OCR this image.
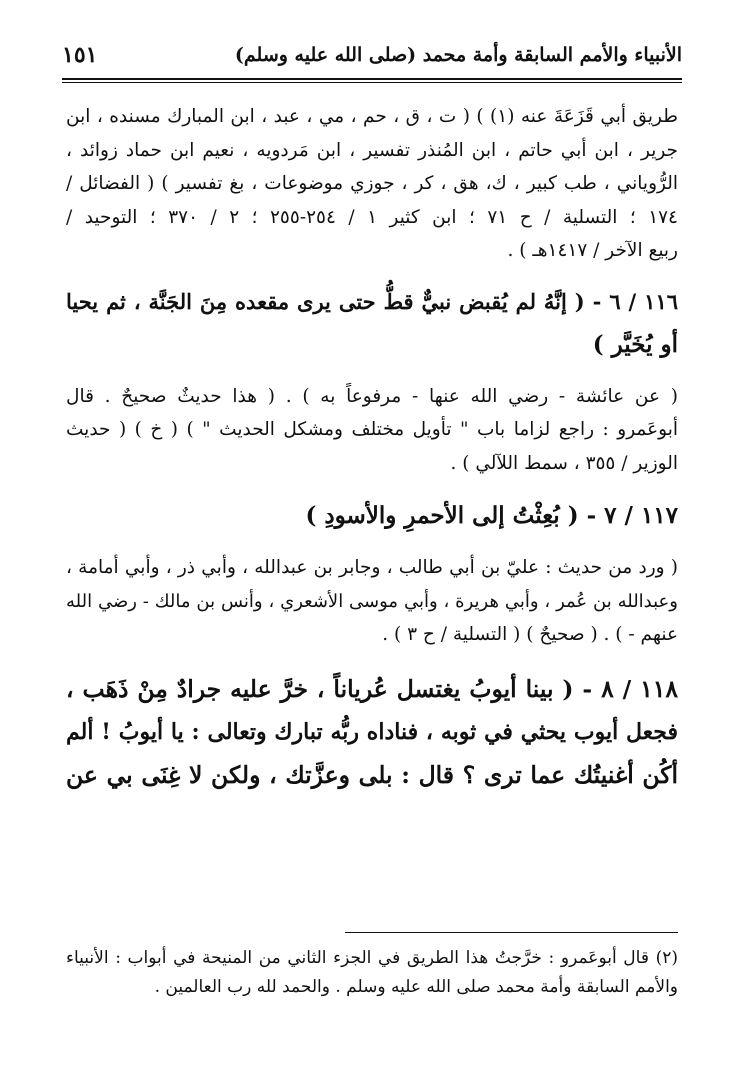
الأنبياء والأمم السابقة وأمة محمد (صلى الله عليه وسلم)
١٥١

طريق أبي قَزَعَةَ عنه (١) ) ( ت ، ق ، حم ، مي ، عبد ، ابن المبارك مسنده ، ابن
جرير ، ابن أبي حاتم ، ابن المُنذر تفسير ، ابن مَردويه ، نعيم ابن حماد زوائد ،
الرُّوياني ، طب كبير ، ك، هق ، كر ، جوزي موضوعات ، بغ تفسير ) ( الفضائل /
١٧٤ ؛ التسلية / ح ٧١ ؛ ابن كثير ١ / ٢٥٤-٢٥٥ ؛ ٢ / ٣٧٠ ؛ التوحيد /
ربيع الآخر / ١٤١٧هـ ) .

١١٦ / ٦ - ( إنَّهُ لم يُقبض نبيٌّ قطُّ حتى يرى مقعده مِنَ الجَنَّة ، ثم يحيا
أو يُخَيَّر )

( عن عائشة - رضي الله عنها - مرفوعاً به ) . ( هذا حديثٌ صحيحٌ . قال
أبوعَمرو : راجع لزاما باب " تأويل مختلف ومشكل الحديث " ) ( خ ) ( حديث
الوزير / ٣٥٥ ، سمط اللآلي ) .

١١٧ / ٧ - ( بُعِثْتُ إلى الأحمرِ والأسودِ )

( ورد من حديث : عليّ بن أبي طالب ، وجابر بن عبدالله ، وأبي ذر ، وأبي أمامة ،
وعبدالله بن عُمر ، وأبي هريرة ، وأبي موسى الأشعري ، وأنس بن مالك - رضي الله
عنهم - ) . ( صحيحٌ ) ( التسلية / ح ٣ ) .

١١٨ / ٨ - ( بينا أيوبُ يغتسل عُرياناً ، خرَّ عليه جرادٌ مِنْ ذَهَب ،
فجعل أيوب يحثي في ثوبه ، فناداه ربُّه تبارك وتعالى : يا أيوبُ ! ألم
أكُن أغنيتُك عما ترى ؟ قال : بلى وعزَّتك ، ولكن لا غِنَى بي عن
(٢) قال أبوعَمرو : خرَّجتُ هذا الطريق في الجزء الثاني من المنيحة في أبواب : الأنبياء
والأمم السابقة وأمة محمد صلى الله عليه وسلم . والحمد لله رب العالمين .
